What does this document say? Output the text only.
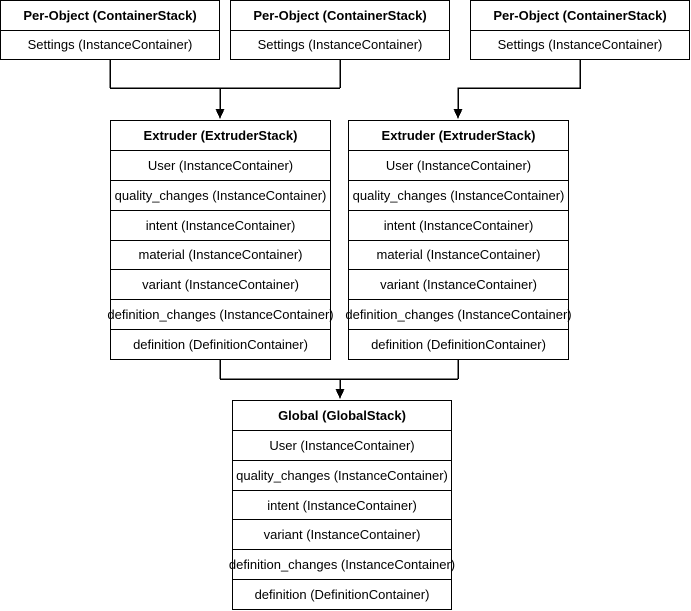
Per-Object (ContainerStack)
Settings (InstanceContainer)
Per-Object (ContainerStack)
Settings (InstanceContainer)
Per-Object (ContainerStack)
Settings (InstanceContainer)
Extruder (ExtruderStack)
User (InstanceContainer)
quality_changes (InstanceContainer)
intent (InstanceContainer)
material (InstanceContainer)
variant (InstanceContainer)
definition_changes (InstanceContainer)
definition (DefinitionContainer)
Extruder (ExtruderStack)
User (InstanceContainer)
quality_changes (InstanceContainer)
intent (InstanceContainer)
material (InstanceContainer)
variant (InstanceContainer)
definition_changes (InstanceContainer)
definition (DefinitionContainer)
Global (GlobalStack)
User (InstanceContainer)
quality_changes (InstanceContainer)
intent (InstanceContainer)
variant (InstanceContainer)
definition_changes (InstanceContainer)
definition (DefinitionContainer)
